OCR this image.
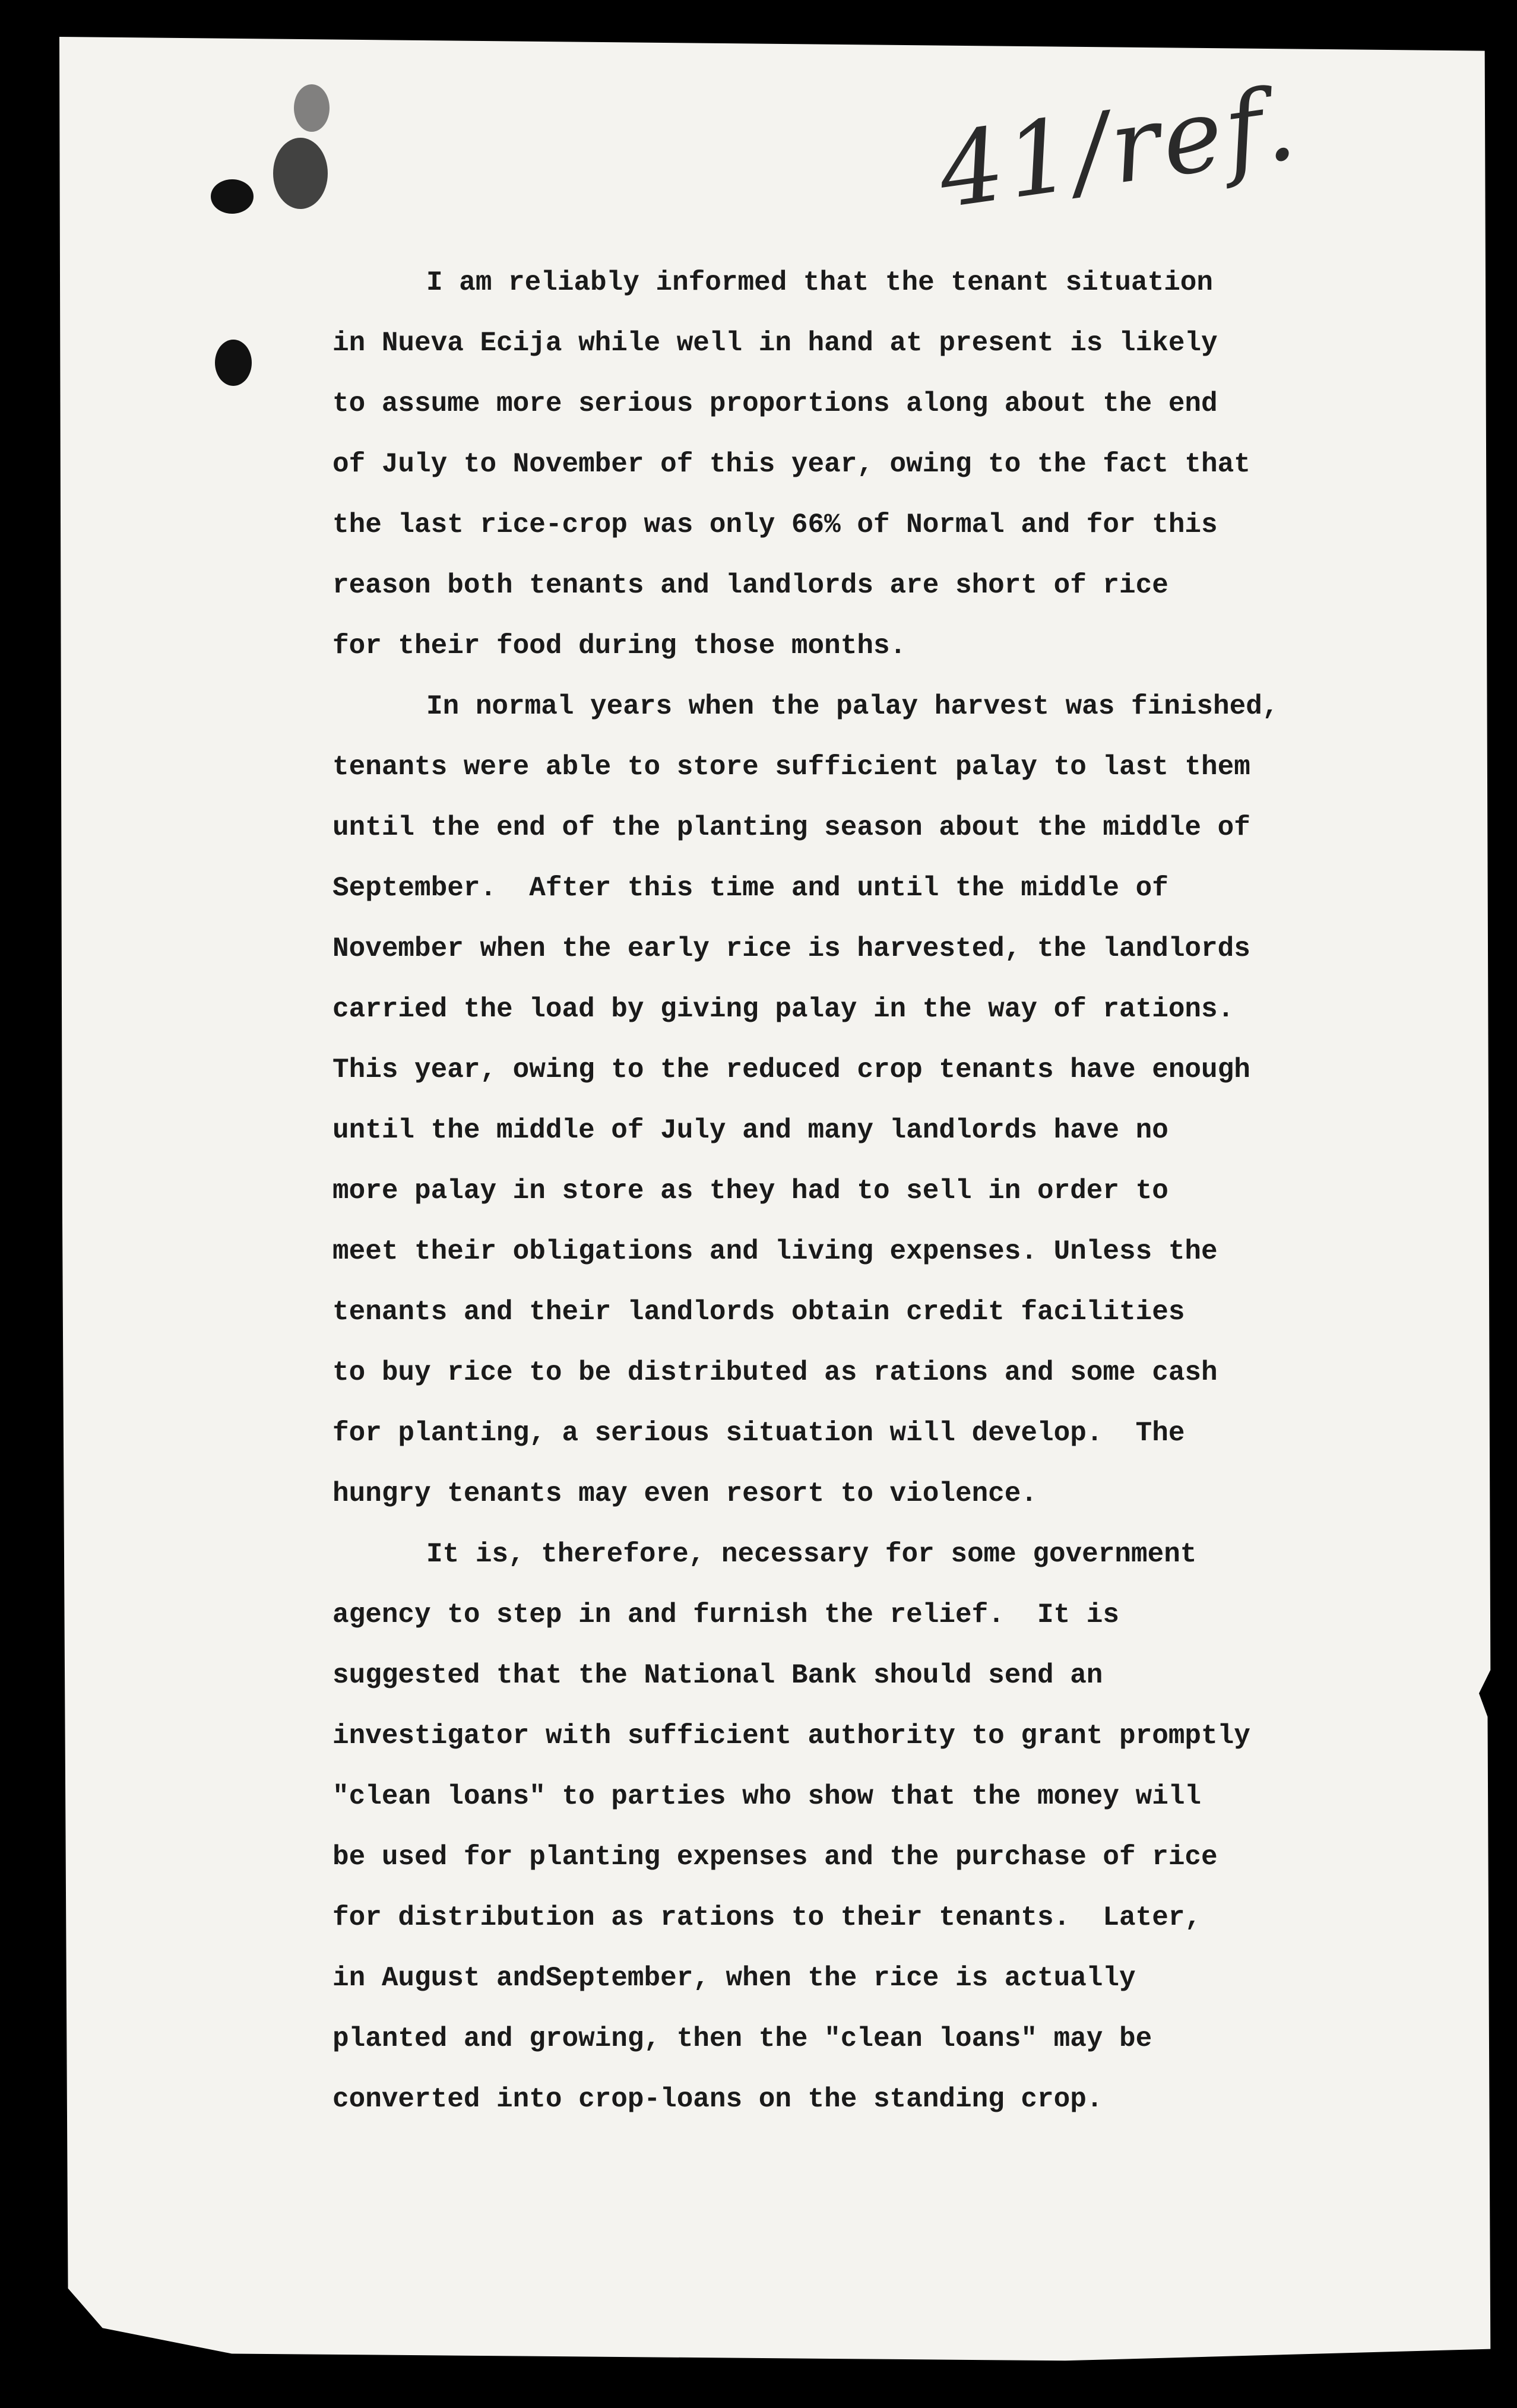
41/ref.

I am reliably informed that the tenant situation

in Nueva Ecija while well in hand at present is likely

to assume more serious proportions along about the end

of July to November of this year, owing to the fact that

the last rice-crop was only 66% of Normal and for this

reason both tenants and landlords are short of rice

for their food during those months.

In normal years when the palay harvest was finished,

tenants were able to store sufficient palay to last them

until the end of the planting season about the middle of

September.  After this time and until the middle of

November when the early rice is harvested, the landlords

carried the load by giving palay in the way of rations.

This year, owing to the reduced crop tenants have enough

until the middle of July and many landlords have no

more palay in store as they had to sell in order to

meet their obligations and living expenses. Unless the

tenants and their landlords obtain credit facilities

to buy rice to be distributed as rations and some cash

for planting, a serious situation will develop.  The

hungry tenants may even resort to violence.

It is, therefore, necessary for some government

agency to step in and furnish the relief.  It is

suggested that the National Bank should send an

investigator with sufficient authority to grant promptly

"clean loans" to parties who show that the money will

be used for planting expenses and the purchase of rice

for distribution as rations to their tenants.  Later,

in August andSeptember, when the rice is actually

planted and growing, then the "clean loans" may be

converted into crop-loans on the standing crop.
